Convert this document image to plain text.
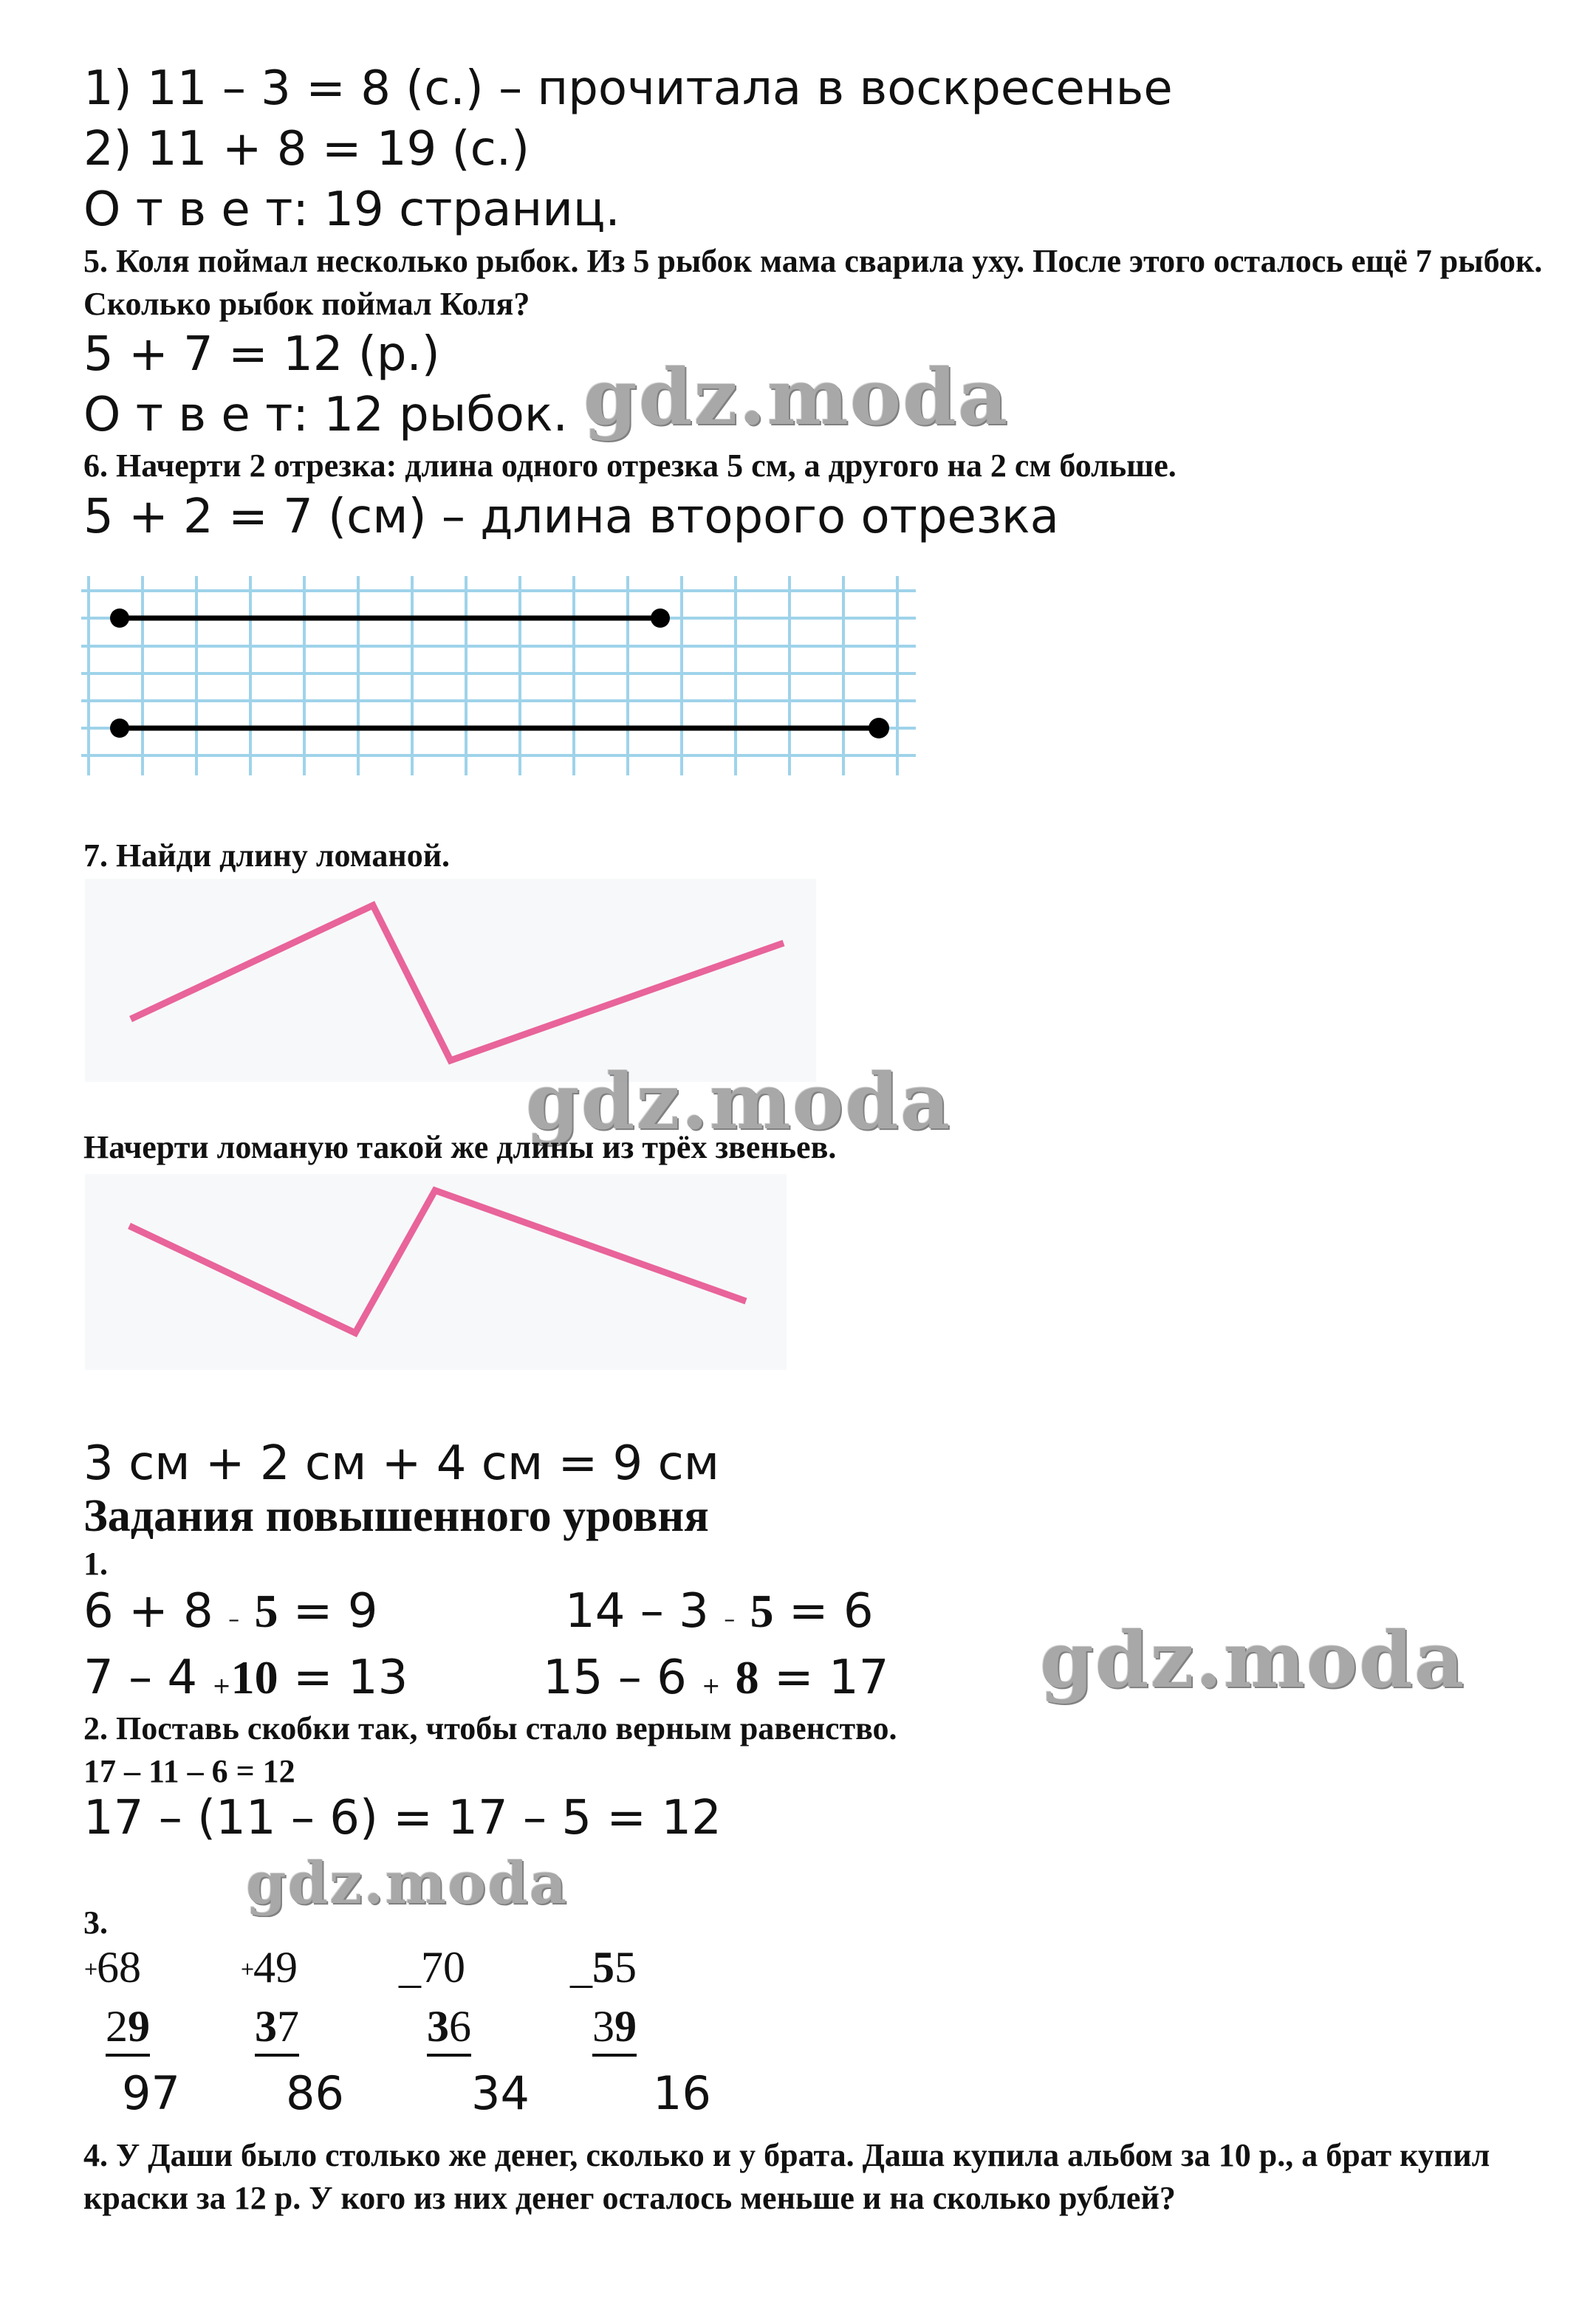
1) 11 – 3 = 8 (с.) – прочитала в воскресенье
2) 11 + 8 = 19 (с.)
О т в е т: 19 страниц.
5. Коля поймал несколько рыбок. Из 5 рыбок мама сварила уху. После этого осталось ещё 7 рыбок. Сколько рыбок поймал Коля?
5 + 7 = 12 (р.)
О т в е т: 12 рыбок. gdz.moda
6. Начерти 2 отрезка: длина одного отрезка 5 см, а другого на 2 см больше.
5 + 2 = 7 (см) – длина второго отрезка
7. Найди длину ломаной.
gdz.moda
Начерти ломаную такой же длины из трёх звеньев.
3 см + 2 см + 4 см = 9 см
Задания повышенного уровня
1.
6 + 8 – 5 = 9	14 – 3 – 5 = 6
7 – 4 +10 = 13	15 – 6 + 8 = 17 gdz.moda
2. Поставь скобки так, чтобы стало верным равенство.
17 – 11 – 6 = 12
17 – (11 – 6) = 17 – 5 = 12
gdz.moda
3.
+
68
29
97
+
49
37
86
_70
36
34
_55
39
16
4. У Даши было столько же денег, сколько и у брата. Даша купила альбом за 10 р., а брат купил краски за 12 р. У кого из них денег осталось меньше и на сколько рублей?
